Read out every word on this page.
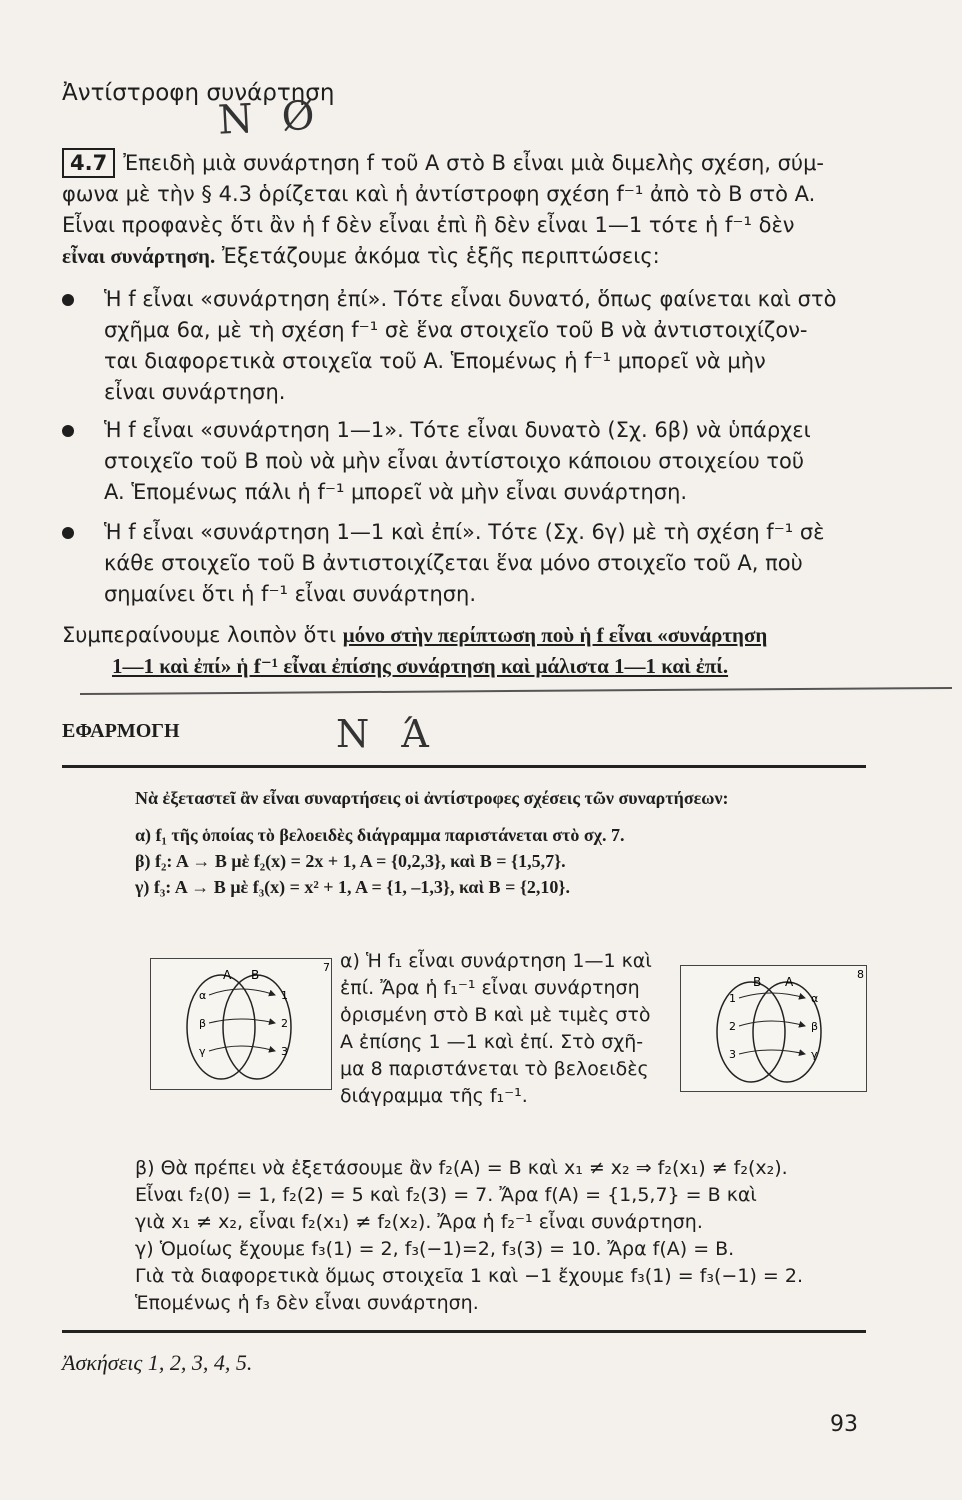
Ἀντίστροφη συνάρτηση
N Ø
4.7 Ἐπειδὴ μιὰ συνάρτηση f τοῦ A στὸ B εἶναι μιὰ διμελὴς σχέση, σύμ-
φωνα μὲ τὴν § 4.3 ὁρίζεται καὶ ἡ ἀντίστροφη σχέση f⁻¹ ἀπὸ τὸ B στὸ A.
Εἶναι προφανὲς ὅτι ἂν ἡ f δὲν εἶναι ἐπὶ ἢ δὲν εἶναι 1—1 τότε ἡ f⁻¹ δὲν
εἶναι συνάρτηση. Ἐξετάζουμε ἀκόμα τὶς ἑξῆς περιπτώσεις:
Ἡ f εἶναι «συνάρτηση ἐπί». Τότε εἶναι δυνατό, ὅπως φαίνεται καὶ στὸ
σχῆμα 6α, μὲ τὴ σχέση f⁻¹ σὲ ἕνα στοιχεῖο τοῦ B νὰ ἀντιστοιχίζον-
ται διαφορετικὰ στοιχεῖα τοῦ A. Ἑπομένως ἡ f⁻¹ μπορεῖ νὰ μὴν
εἶναι συνάρτηση.
Ἡ f εἶναι «συνάρτηση 1—1». Τότε εἶναι δυνατὸ (Σχ. 6β) νὰ ὑπάρχει
στοιχεῖο τοῦ B ποὺ νὰ μὴν εἶναι ἀντίστοιχο κάποιου στοιχείου τοῦ
A. Ἑπομένως πάλι ἡ f⁻¹ μπορεῖ νὰ μὴν εἶναι συνάρτηση.
Ἡ f εἶναι «συνάρτηση 1—1 καὶ ἐπί». Τότε (Σχ. 6γ) μὲ τὴ σχέση f⁻¹ σὲ
κάθε στοιχεῖο τοῦ B ἀντιστοιχίζεται ἕνα μόνο στοιχεῖο τοῦ A, ποὺ
σημαίνει ὅτι ἡ f⁻¹ εἶναι συνάρτηση.
Συμπεραίνουμε λοιπὸν ὅτι μόνο στὴν περίπτωση ποὺ ἡ f εἶναι «συνάρτηση
1—1 καὶ ἐπί» ἡ f⁻¹ εἶναι ἐπίσης συνάρτηση καὶ μάλιστα 1—1 καὶ ἐπί.
ΕΦΑΡΜΟΓΗ	N Ά
Νὰ ἐξεταστεῖ ἂν εἶναι συναρτήσεις οἱ ἀντίστροφες σχέσεις τῶν συναρτήσεων:
α) f₁ τῆς ὁποίας τὸ βελοειδὲς διάγραμμα παριστάνεται στὸ σχ. 7.
β) f₂: A → B μὲ f₂(x) = 2x + 1, A = {0,2,3}, καὶ B = {1,5,7}.
γ) f₃: A → B μὲ f₃(x) = x² + 1, A = {1, –1,3}, καὶ B = {2,10}.
A B
7
α
β
γ
1
2
3
α) Ἡ f₁ εἶναι συνάρτηση 1—1 καὶ
ἐπί. Ἄρα ἡ f₁⁻¹ εἶναι συνάρτηση
ὁρισμένη στὸ B καὶ μὲ τιμὲς στὸ
A ἐπίσης 1 —1 καὶ ἐπί. Στὸ σχῆ-
μα 8 παριστάνεται τὸ βελοειδὲς
διάγραμμα τῆς f₁⁻¹.
B A
8
1
2
3
α
β
γ
β) Θὰ πρέπει νὰ ἐξετάσουμε ἂν f₂(A) = B καὶ x₁ ≠ x₂ ⇒ f₂(x₁) ≠ f₂(x₂).
Εἶναι f₂(0) = 1, f₂(2) = 5 καὶ f₂(3) = 7. Ἄρα f(A) = {1,5,7} = B καὶ
γιὰ x₁ ≠ x₂, εἶναι f₂(x₁) ≠ f₂(x₂). Ἄρα ἡ f₂⁻¹ εἶναι συνάρτηση.
γ) Ὁμοίως ἔχουμε f₃(1) = 2, f₃(−1)=2, f₃(3) = 10. Ἄρα f(A) = B.
Γιὰ τὰ διαφορετικὰ ὅμως στοιχεῖα 1 καὶ −1 ἔχουμε f₃(1) = f₃(−1) = 2.
Ἑπομένως ἡ f₃ δὲν εἶναι συνάρτηση.
Ἀσκήσεις 1, 2, 3, 4, 5.
93
